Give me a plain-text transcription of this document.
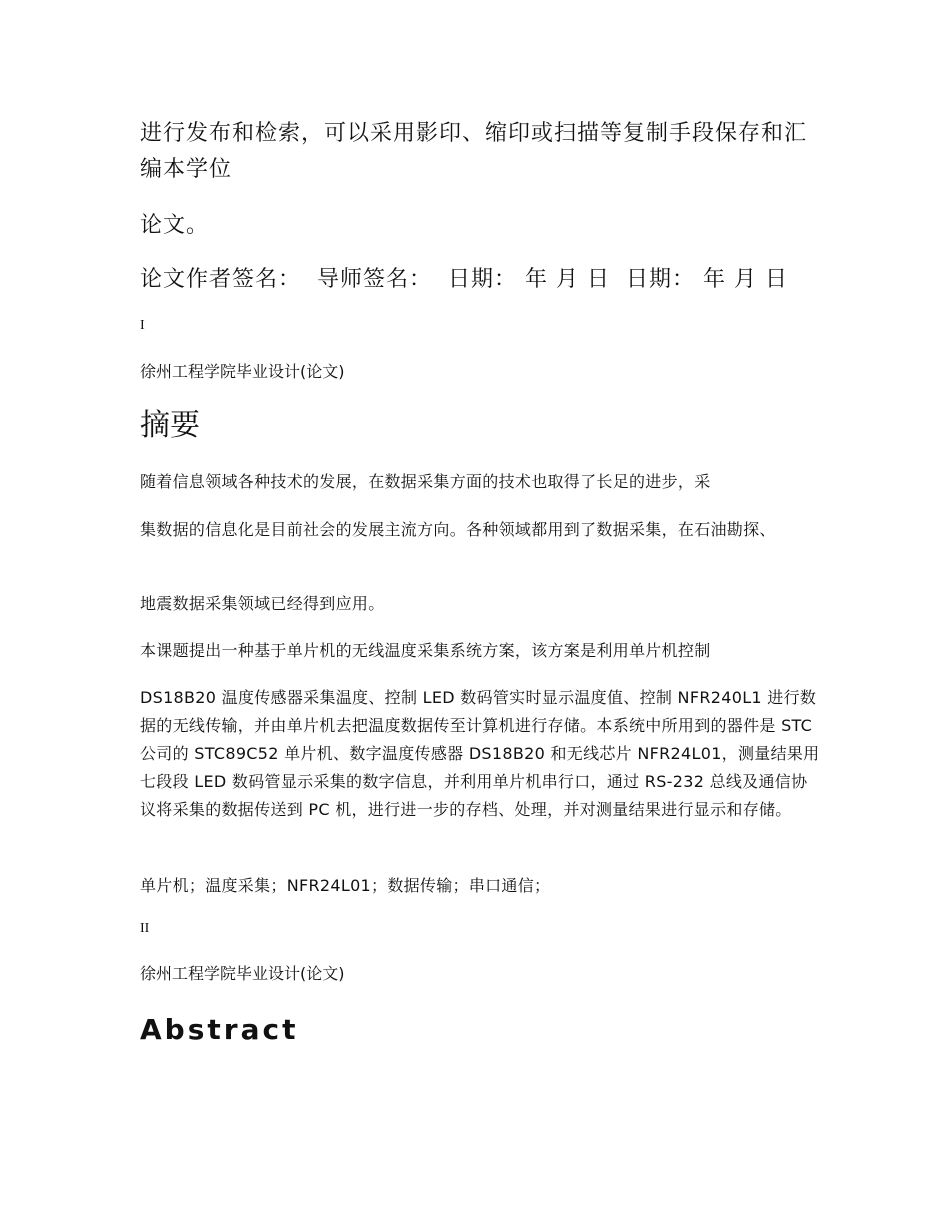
进行发布和检索，可以采用影印、缩印或扫描等复制手段保存和汇编本学位
论文。
论文作者签名： 导师签名： 日期： 年 月 日 日期： 年 月 日
I
徐州工程学院毕业设计(论文)
摘要
随着信息领域各种技术的发展，在数据采集方面的技术也取得了长足的进步，采
集数据的信息化是目前社会的发展主流方向。各种领域都用到了数据采集，在石油勘探、
地震数据采集领域已经得到应用。
本课题提出一种基于单片机的无线温度采集系统方案，该方案是利用单片机控制
DS18B20 温度传感器采集温度、控制 LED 数码管实时显示温度值、控制 NFR240L1 进行数据的无线传输，并由单片机去把温度数据传至计算机进行存储。本系统中所用到的器件是 STC 公司的 STC89C52 单片机、数字温度传感器 DS18B20 和无线芯片 NFR24L01，测量结果用七段段 LED 数码管显示采集的数字信息，并利用单片机串行口，通过 RS-232 总线及通信协议将采集的数据传送到 PC 机，进行进一步的存档、处理，并对测量结果进行显示和存储。
单片机；温度采集；NFR24L01；数据传输；串口通信；
II
徐州工程学院毕业设计(论文)
Abstract
